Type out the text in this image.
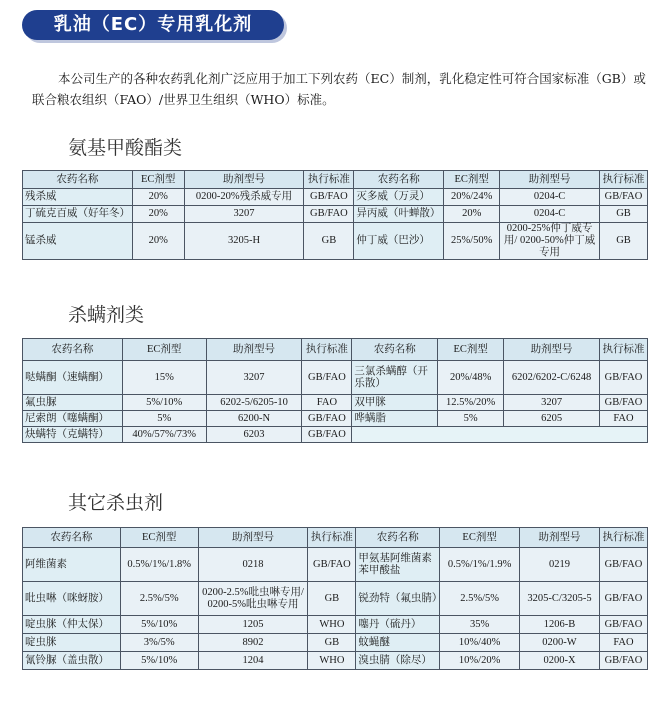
乳油（EC）专用乳化剂
本公司生产的各种农药乳化剂广泛应用于加工下列农药（EC）制剂，乳化稳定性可符合国家标准（GB）或联合粮农组织（FAO）/世界卫生组织（WHO）标准。
氨基甲酸酯类
农药名称	EC剂型	助剂型号	执行标准	农药名称	EC剂型	助剂型号	执行标准
残杀威	20%	0200-20%残杀威专用	GB/FAO	灭多威（万灵）	20%/24%	0204-C	GB/FAO
丁硫克百威（好年冬）	20%	3207	GB/FAO	异丙威（叶蝉散）	20%	0204-C	GB
锰杀威	20%	3205-H	GB	仲丁威（巴沙）	25%/50%	0200-25%仲丁威专用/ 0200-50%仲丁威专用	GB
杀螨剂类
农药名称	EC剂型	助剂型号	执行标准	农药名称	EC剂型	助剂型号	执行标准
哒螨酮（速螨酮）	15%	3207	GB/FAO	三氯杀螨醇（开乐散）	20%/48%	6202/6202-C/6248	GB/FAO
氟虫脲	5%/10%	6202-5/6205-10	FAO	双甲脒	12.5%/20%	3207	GB/FAO
尼索朗（噻螨酮）	5%	6200-N	GB/FAO	哗螨脂	5%	6205	FAO
炔螨特（克螨特）	40%/57%/73%	6203	GB/FAO				
其它杀虫剂
农药名称	EC剂型	助剂型号	执行标准	农药名称	EC剂型	助剂型号	执行标准
阿维菌素	0.5%/1%/1.8%	0218	GB/FAO	甲氨基阿维菌素苯甲酸盐	0.5%/1%/1.9%	0219	GB/FAO
吡虫啉（咪蚜胺）	2.5%/5%	0200-2.5%吡虫啉专用/ 0200-5%吡虫啉专用	GB	锐劲特（氟虫腈）	2.5%/5%	3205-C/3205-5	GB/FAO
啶虫脒（仲太保）	5%/10%	1205	WHO	噻丹（硫丹）	35%	1206-B	GB/FAO
啶虫脒	3%/5%	8902	GB	蚊蝇醚	10%/40%	0200-W	FAO
氰铃脲（盖虫散）	5%/10%	1204	WHO	溴虫腈（除尽）	10%/20%	0200-X	GB/FAO
